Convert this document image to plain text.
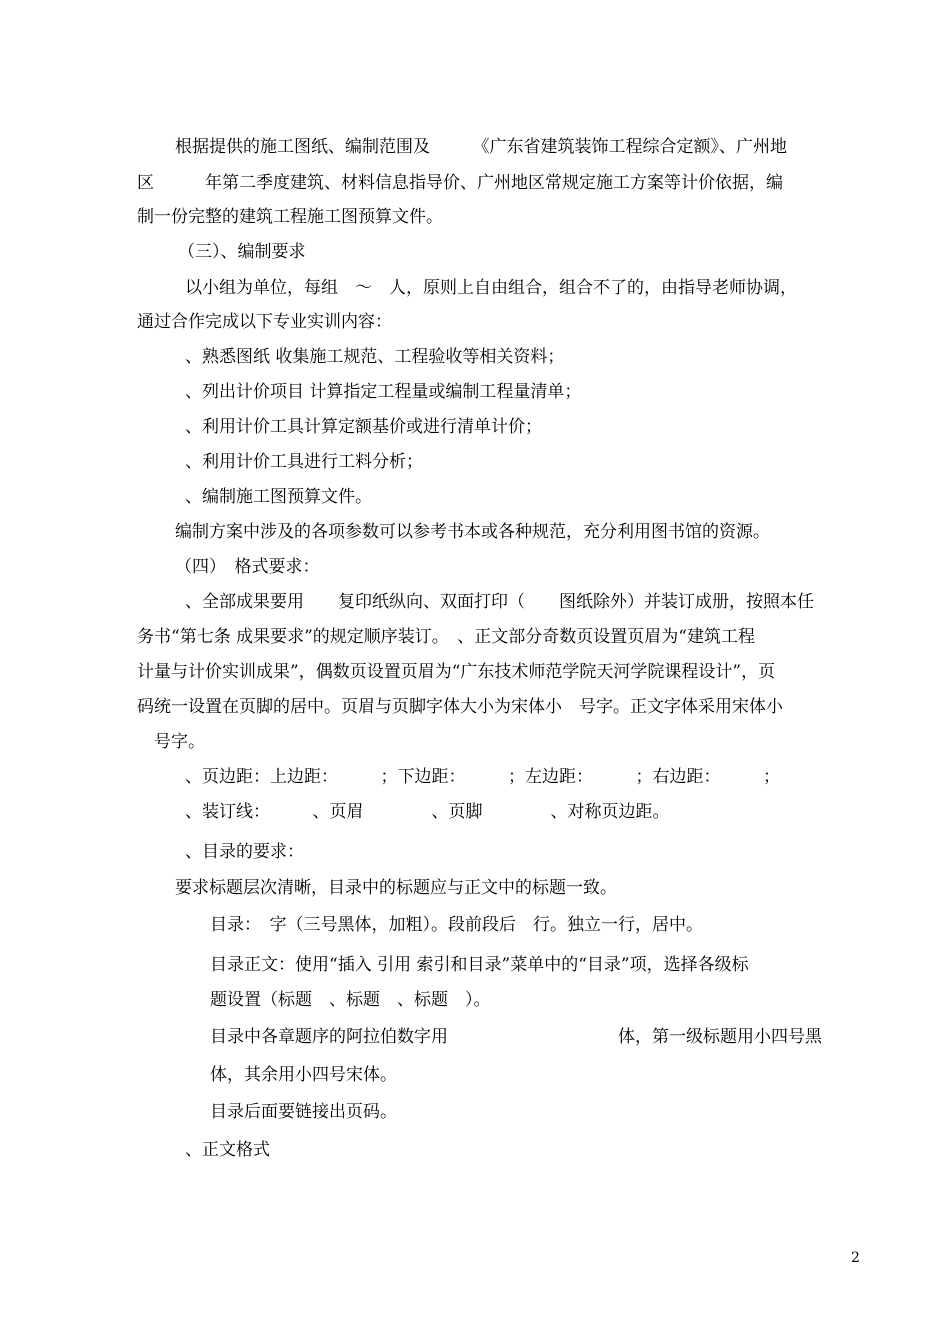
根据提供的施工图纸、编制范围及　　　《广东省建筑装饰工程综合定额》、广州地
区　　　年第二季度建筑、材料信息指导价、广州地区常规定施工方案等计价依据，编
制一份完整的建筑工程施工图预算文件。
（三）、编制要求
以小组为单位，每组　～　人，原则上自由组合，组合不了的，由指导老师协调，
通过合作完成以下专业实训内容：
、熟悉图纸 收集施工规范、工程验收等相关资料；
、列出计价项目 计算指定工程量或编制工程量清单；
、利用计价工具计算定额基价或进行清单计价；
、利用计价工具进行工料分析；
、编制施工图预算文件。
编制方案中涉及的各项参数可以参考书本或各种规范，充分利用图书馆的资源。
（四）　格式要求：
、全部成果要用　　复印纸纵向、双面打印（　　图纸除外）并装订成册，按照本任
务书“第七条 成果要求”的规定顺序装订。　、正文部分奇数页设置页眉为“建筑工程
计量与计价实训成果”，偶数页设置页眉为“广东技术师范学院天河学院课程设计”，页
码统一设置在页脚的居中。页眉与页脚字体大小为宋体小　号字。正文字体采用宋体小
　号字。
、页边距：上边距：　　　；下边距：　　　；左边距：　　　；右边距：　　　；
、装订线：　　　、页眉　　　　、页脚　　　　、对称页边距。
、目录的要求：
要求标题层次清晰，目录中的标题应与正文中的标题一致。
目录：　字（三号黑体，加粗）。段前段后　行。独立一行，居中。
目录正文：使用“插入 引用 索引和目录”菜单中的“目录”项，选择各级标
题设置（标题　、标题　、标题　）。
目录中各章题序的阿拉伯数字用　　　　　　　　　　体，第一级标题用小四号黑
体，其余用小四号宋体。
目录后面要链接出页码。
、正文格式
2
